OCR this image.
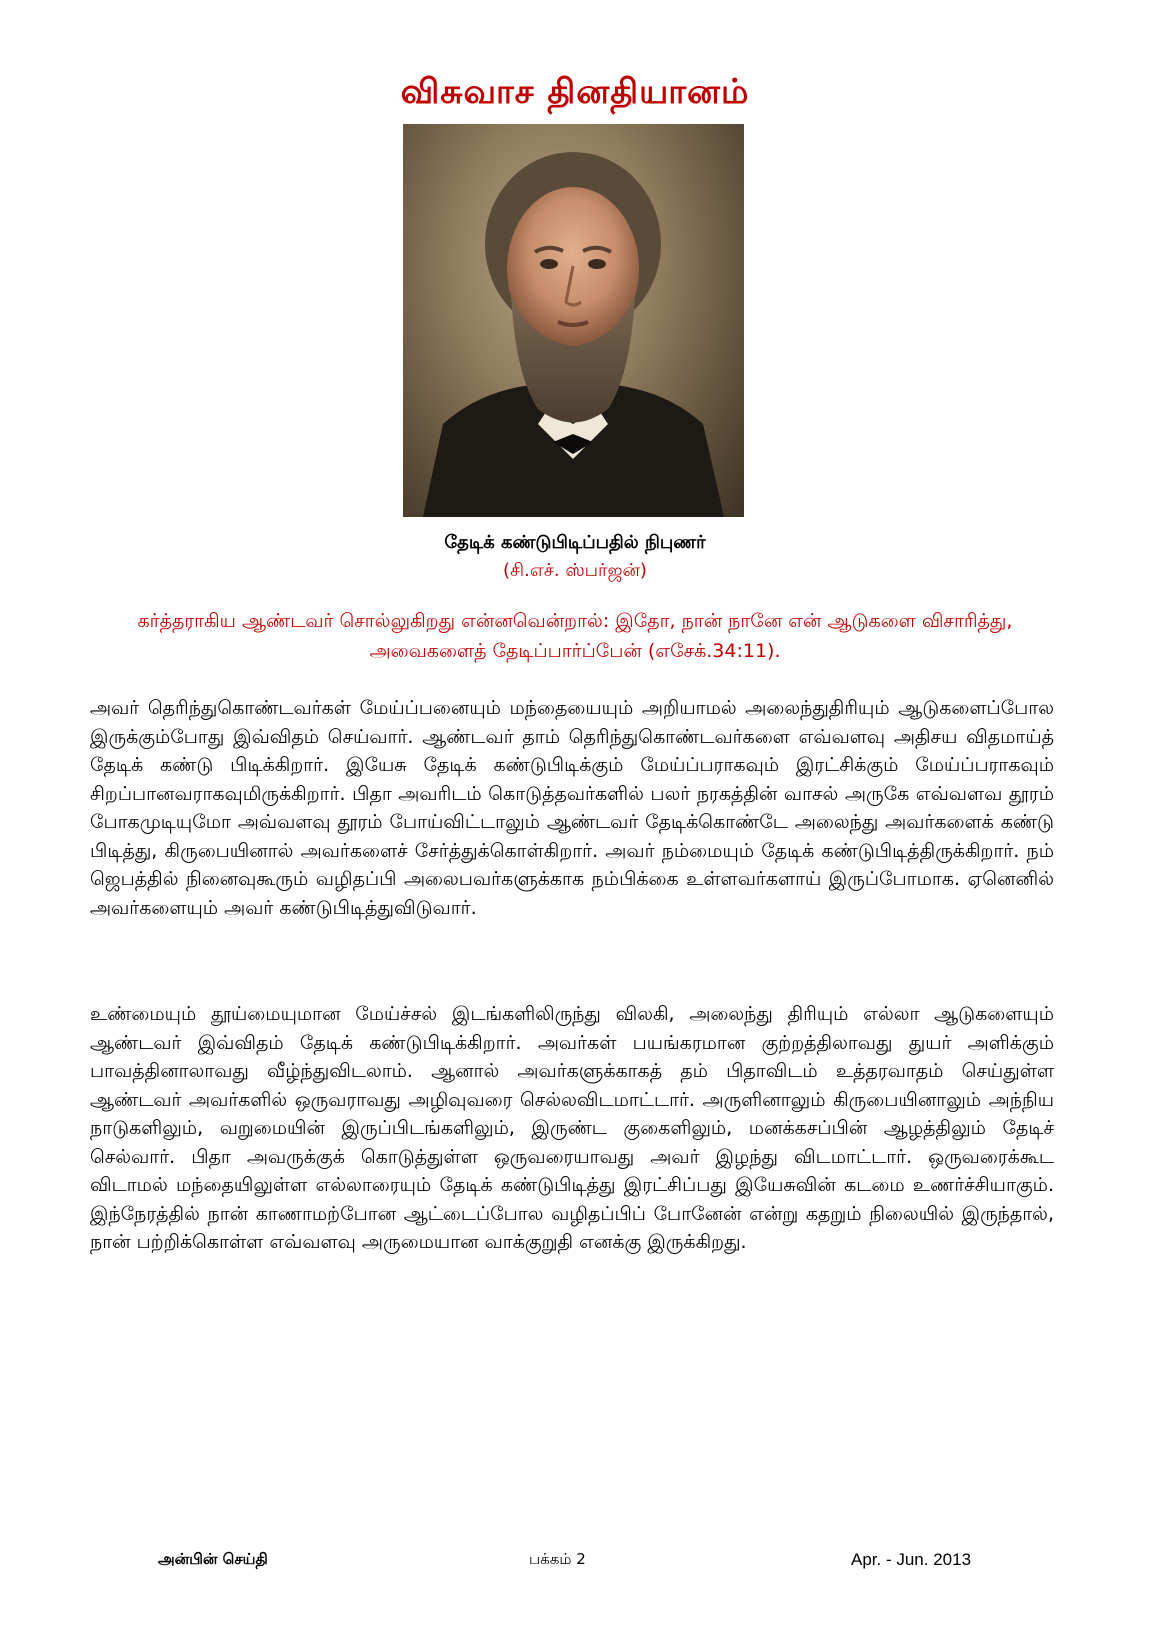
விசுவாச தினதியானம்
தேடிக் கண்டுபிடிப்பதில் நிபுணர்
(சி.எச். ஸ்பர்ஜன்)
கர்த்தராகிய ஆண்டவர் சொல்லுகிறது என்னவென்றால்: இதோ, நான் நானே என் ஆடுகளை விசாரித்து, அவைகளைத் தேடிப்பார்ப்பேன் (எசேக்.34:11).
அவர் தெரிந்துகொண்டவர்கள் மேய்ப்பனையும் மந்தையையும் அறியாமல் அலைந்துதிரியும் ஆடுகளைப்போல இருக்கும்போது இவ்விதம் செய்வார். ஆண்டவர் தாம் தெரிந்துகொண்டவர்களை எவ்வளவு அதிசய விதமாய்த் தேடிக் கண்டு பிடிக்கிறார். இயேசு தேடிக் கண்டுபிடிக்கும் மேய்ப்பராகவும் இரட்சிக்கும் மேய்ப்பராகவும் சிறப்பானவராகவுமிருக்கிறார். பிதா அவரிடம் கொடுத்தவர்களில் பலர் நரகத்தின் வாசல் அருகே எவ்வளவ தூரம் போகமுடியுமோ அவ்வளவு தூரம் போய்விட்டாலும் ஆண்டவர் தேடிக்கொண்டே அலைந்து அவர்களைக் கண்டு பிடித்து, கிருபையினால் அவர்களைச் சேர்த்துக்கொள்கிறார். அவர் நம்மையும் தேடிக் கண்டுபிடித்திருக்கிறார். நம் ஜெபத்தில் நினைவுகூரும் வழிதப்பி அலைபவர்களுக்காக நம்பிக்கை உள்ளவர்களாய் இருப்போமாக. ஏனெனில் அவர்களையும் அவர் கண்டுபிடித்துவிடுவார்.
உண்மையும் தூய்மையுமான மேய்ச்சல் இடங்களிலிருந்து விலகி, அலைந்து திரியும் எல்லா ஆடுகளையும் ஆண்டவர் இவ்விதம் தேடிக் கண்டுபிடிக்கிறார். அவர்கள் பயங்கரமான குற்றத்திலாவது துயர் அளிக்கும் பாவத்தினாலாவது வீழ்ந்துவிடலாம். ஆனால் அவர்களுக்காகத் தம் பிதாவிடம் உத்தரவாதம் செய்துள்ள ஆண்டவர் அவர்களில் ஒருவராவது அழிவுவரை செல்லவிடமாட்டார். அருளினாலும் கிருபையினாலும் அந்நிய நாடுகளிலும், வறுமையின் இருப்பிடங்களிலும், இருண்ட குகைளிலும், மனக்கசப்பின் ஆழத்திலும் தேடிச் செல்வார். பிதா அவருக்குக் கொடுத்துள்ள ஒருவரையாவது அவர் இழந்து விடமாட்டார். ஒருவரைக்கூட விடாமல் மந்தையிலுள்ள எல்லாரையும் தேடிக் கண்டுபிடித்து இரட்சிப்பது இயேசுவின் கடமை உணர்ச்சியாகும். இந்நேரத்தில் நான் காணாமற்போன ஆட்டைப்போல வழிதப்பிப் போனேன் என்று கதறும் நிலையில் இருந்தால், நான் பற்றிக்கொள்ள எவ்வளவு அருமையான வாக்குறுதி எனக்கு இருக்கிறது.
அன்பின் செய்தி	பக்கம் 2	Apr. - Jun. 2013
